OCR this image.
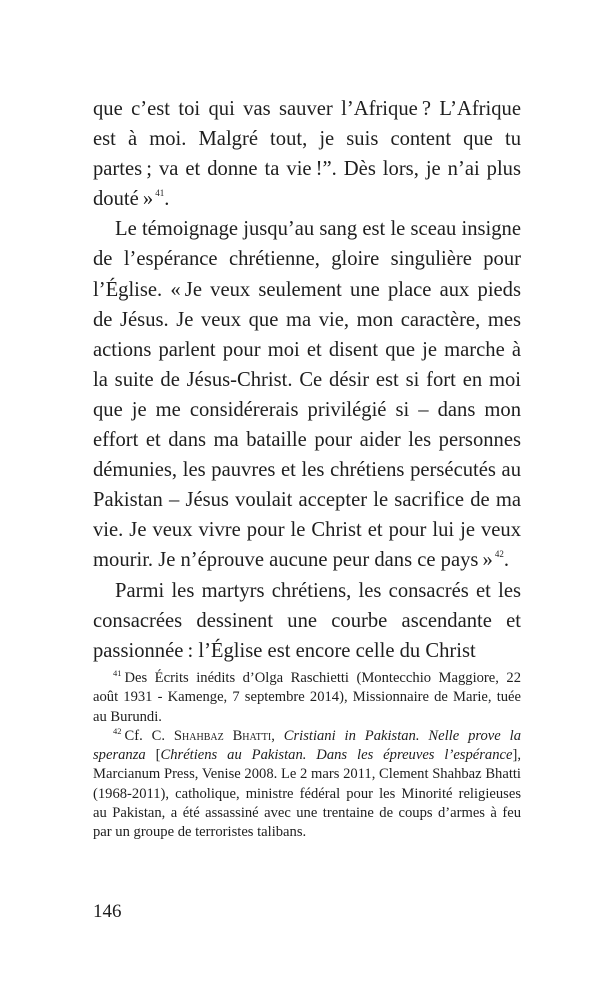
que c’est toi qui vas sauver l’Afrique ? L’Afrique est à moi. Malgré tout, je suis content que tu partes ; va et donne ta vie !”. Dès lors, je n’ai plus douté » $^{41}$.

Le témoignage jusqu’au sang est le sceau insigne de l’espérance chrétienne, gloire singulière pour l’Église. « Je veux seulement une place aux pieds de Jésus. Je veux que ma vie, mon caractère, mes actions parlent pour moi et disent que je marche à la suite de Jésus-Christ. Ce désir est si fort en moi que je me considérerais privilégié si – dans mon effort et dans ma bataille pour aider les personnes démunies, les pauvres et les chrétiens persécutés au Pakistan – Jésus voulait accepter le sacrifice de ma vie. Je veux vivre pour le Christ et pour lui je veux mourir. Je n’éprouve aucune peur dans ce pays » $^{42}$.

Parmi les martyrs chrétiens, les consacrés et les consacrées dessinent une courbe ascendante et passionnée : l’Église est encore celle du Christ

$^{41}$ Des Écrits inédits d’Olga Raschietti (Montecchio Maggiore, 22 août 1931 - Kamenge, 7 septembre 2014), Missionnaire de Marie, tuée au Burundi.

$^{42}$ Cf. C. Shahbaz Bhatti, Cristiani in Pakistan. Nelle prove la speranza [Chrétiens au Pakistan. Dans les épreuves l’espérance], Marcianum Press, Venise 2008. Le 2 mars 2011, Clement Shahbaz Bhatti (1968-2011), catholique, ministre fédéral pour les Minorité religieuses au Pakistan, a été assassiné avec une trentaine de coups d’armes à feu par un groupe de terroristes talibans.

146
